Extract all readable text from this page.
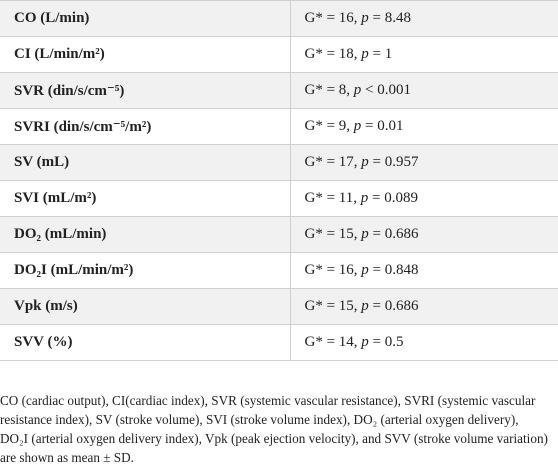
CO (L/min)	G* = 16, p = 8.48
CI (L/min/m²)	G* = 18, p = 1
SVR (din/s/cm⁻⁵)	G* = 8, p < 0.001
SVRI (din/s/cm⁻⁵/m²)	G* = 9, p = 0.01
SV (mL)	G* = 17, p = 0.957
SVI (mL/m²)	G* = 11, p = 0.089
DO₂ (mL/min)	G* = 15, p = 0.686
DO₂I (mL/min/m²)	G* = 16, p = 0.848
Vpk (m/s)	G* = 15, p = 0.686
SVV (%)	G* = 14, p = 0.5
CO (cardiac output), CI(cardiac index), SVR (systemic vascular resistance), SVRI (systemic vascular resistance index), SV (stroke volume), SVI (stroke volume index), DO₂ (arterial oxygen delivery), DO₂I (arterial oxygen delivery index), Vpk (peak ejection velocity), and SVV (stroke volume variation) are shown as mean ± SD.
